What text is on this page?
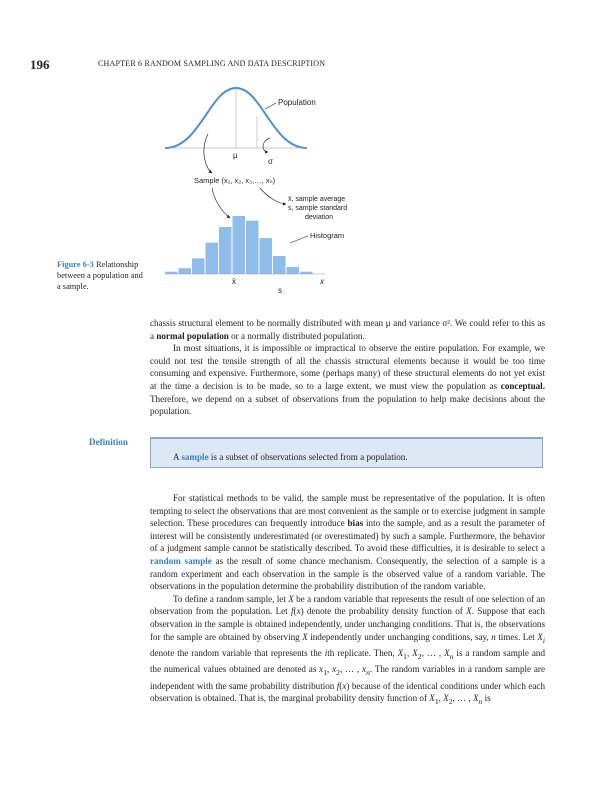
196	CHAPTER 6 RANDOM SAMPLING AND DATA DESCRIPTION
Population
μ
σ
Sample (x₁, x₂, x₃,…, xₙ)
x̄, sample average
s, sample standard
deviation
Histogram
x̄
s
x
Figure 6-3 Relationship between a population and a sample.

chassis structural element to be normally distributed with mean μ and variance σ². We could refer to this as a normal population or a normally distributed population.

In most situations, it is impossible or impractical to observe the entire population. For example, we could not test the tensile strength of all the chassis structural elements because it would be too time consuming and expensive. Furthermore, some (perhaps many) of these structural elements do not yet exist at the time a decision is to be made, so to a large extent, we must view the population as conceptual. Therefore, we depend on a subset of observations from the population to help make decisions about the population.

Definition
A sample is a subset of observations selected from a population.

For statistical methods to be valid, the sample must be representative of the population. It is often tempting to select the observations that are most convenient as the sample or to exercise judgment in sample selection. These procedures can frequently introduce bias into the sample, and as a result the parameter of interest will be consistently underestimated (or overestimated) by such a sample. Furthermore, the behavior of a judgment sample cannot be statistically described. To avoid these difficulties, it is desirable to select a random sample as the result of some chance mechanism. Consequently, the selection of a sample is a random experiment and each observation in the sample is the observed value of a random variable. The observations in the population determine the probability distribution of the random variable.

To define a random sample, let X be a random variable that represents the result of one selection of an observation from the population. Let f(x) denote the probability density function of X. Suppose that each observation in the sample is obtained independently, under unchanging conditions. That is, the observations for the sample are obtained by observing X independently under unchanging conditions, say, n times. Let $X_i$ denote the random variable that represents the ith replicate. Then, $X_1$, $X_2$, … , $X_n$ is a random sample and the numerical values obtained are denoted as $x_1$, $x_2$, … , $x_n$. The random variables in a random sample are independent with the same probability distribution f(x) because of the identical conditions under which each observation is obtained. That is, the marginal probability density function of $X_1$, $X_2$, … , $X_n$ is
